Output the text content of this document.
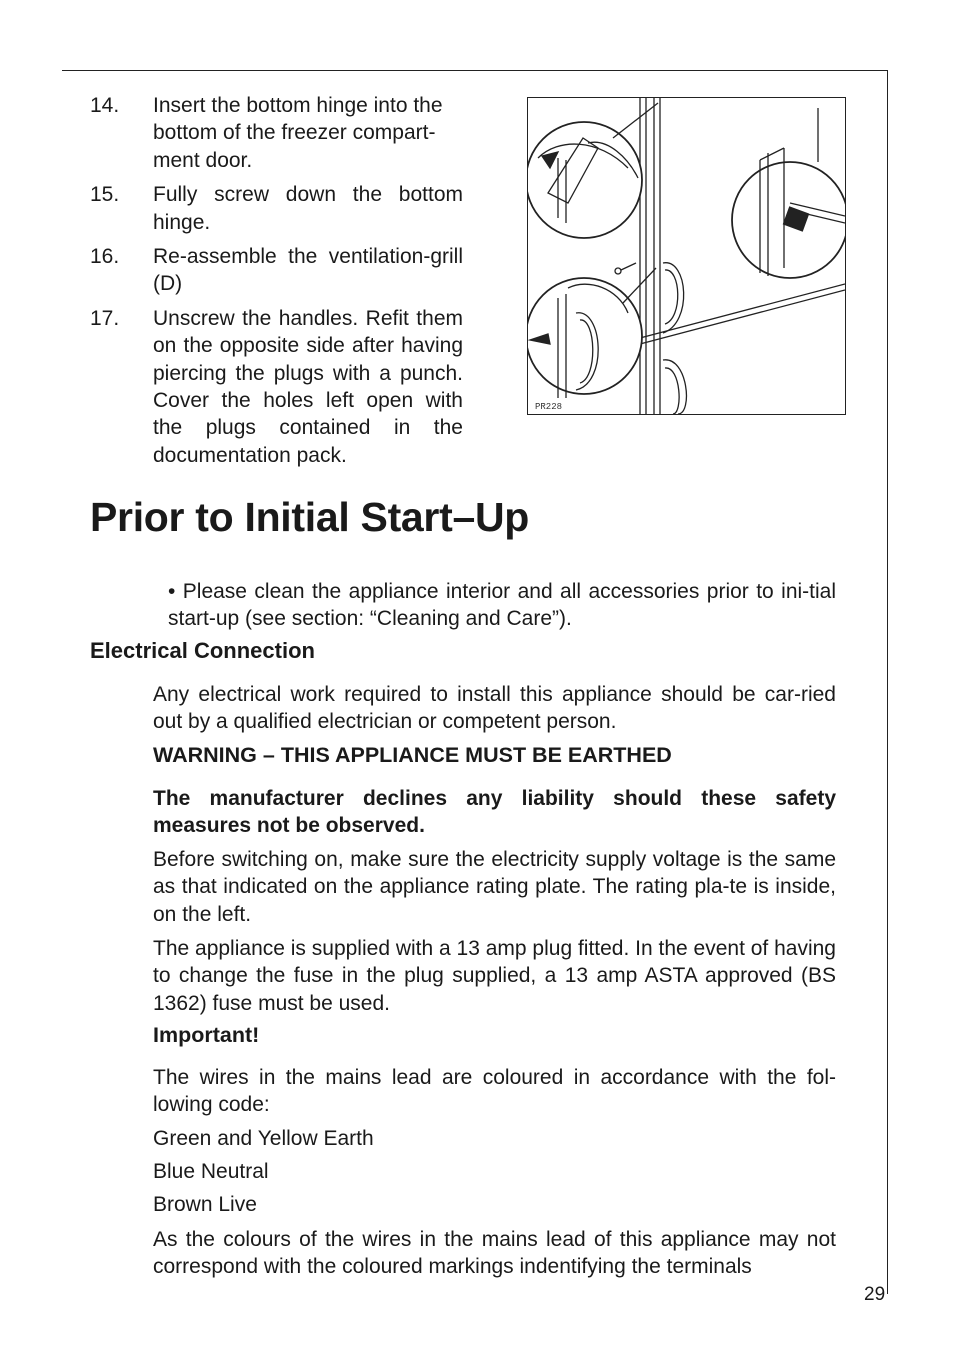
14.	Insert the bottom hinge into the bottom of the freezer compart-ment door.
15.	Fully screw down the bottom hinge.
16.	Re-assemble the ventilation-grill (D)
17.	Unscrew the handles. Refit them on the opposite side after having piercing the plugs with a punch. Cover the holes left open with the plugs contained in the documentation pack.
PR228
Prior to Initial Start–Up

• Please clean the appliance interior and all accessories prior to ini-tial start-up (see section: “Cleaning and Care”).

Electrical Connection

Any electrical work required to install this appliance should be car-ried out by a qualified electrician or competent person.

WARNING – THIS APPLIANCE MUST BE EARTHED

The manufacturer declines any liability should these safety measures not be observed.

Before switching on, make sure the electricity supply voltage is the same as that indicated on the appliance rating plate. The rating pla-te is inside, on the left.

The appliance is supplied with a 13 amp plug fitted. In the event of having to change the fuse in the plug supplied, a 13 amp ASTA approved (BS 1362) fuse must be used.

Important!

The wires in the mains lead are coloured in accordance with the fol-lowing code:

Green and Yellow Earth

Blue Neutral

Brown Live

As the colours of the wires in the mains lead of this appliance may not correspond with the coloured markings indentifying the terminals

29
